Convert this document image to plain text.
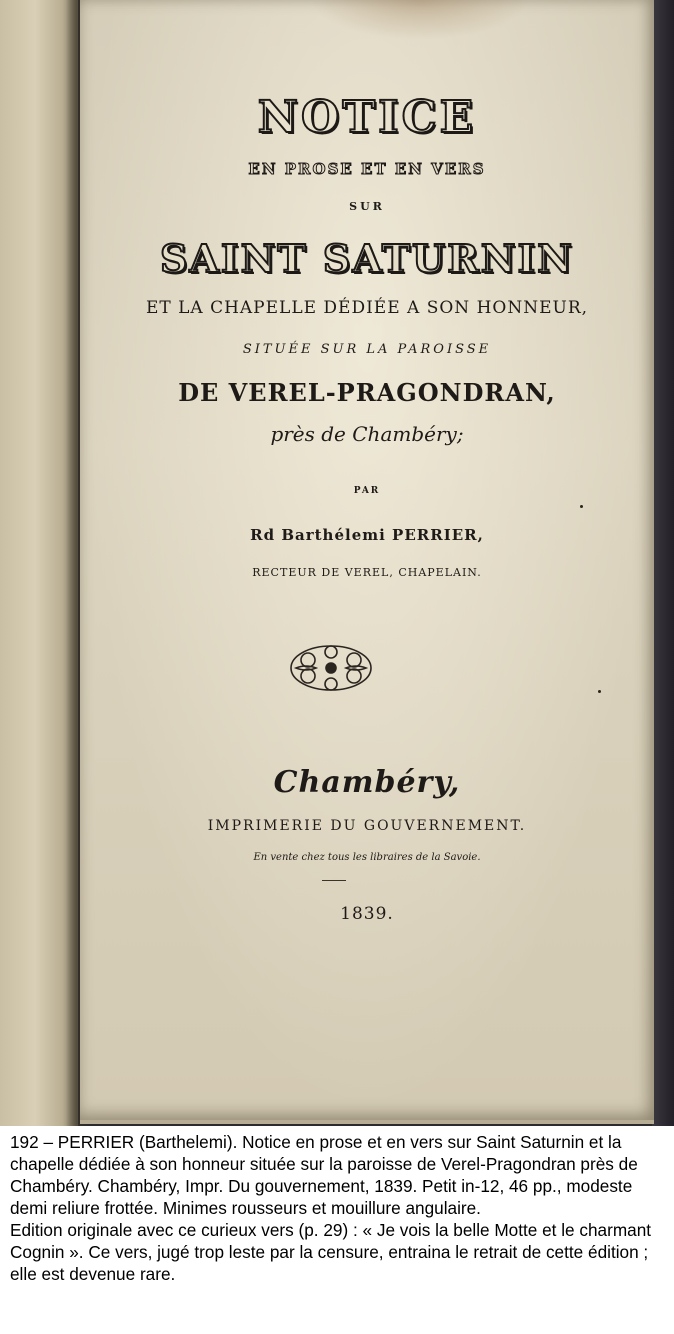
NOTICE
EN PROSE ET EN VERS
SUR
SAINT SATURNIN
ET LA CHAPELLE DÉDIÉE A SON HONNEUR,
SITUÉE SUR LA PAROISSE
DE VEREL-PRAGONDRAN,
près de Chambéry;
PAR
Rd Barthélemi PERRIER,
RECTEUR DE VEREL, CHAPELAIN.
Chambéry,
IMPRIMERIE DU GOUVERNEMENT.
En vente chez tous les libraires de la Savoie.
1839.

192 – PERRIER (Barthelemi). Notice en prose et en vers sur Saint Saturnin et la chapelle dédiée à son honneur située sur la paroisse de Verel-Pragondran près de Chambéry. Chambéry, Impr. Du gouvernement, 1839. Petit in-12, 46 pp., modeste demi reliure frottée. Minimes rousseurs et mouillure angulaire.

Edition originale avec ce curieux vers (p. 29) : « Je vois la belle Motte et le charmant Cognin ». Ce vers, jugé trop leste par la censure, entraina le retrait de cette édition ; elle est devenue rare.
